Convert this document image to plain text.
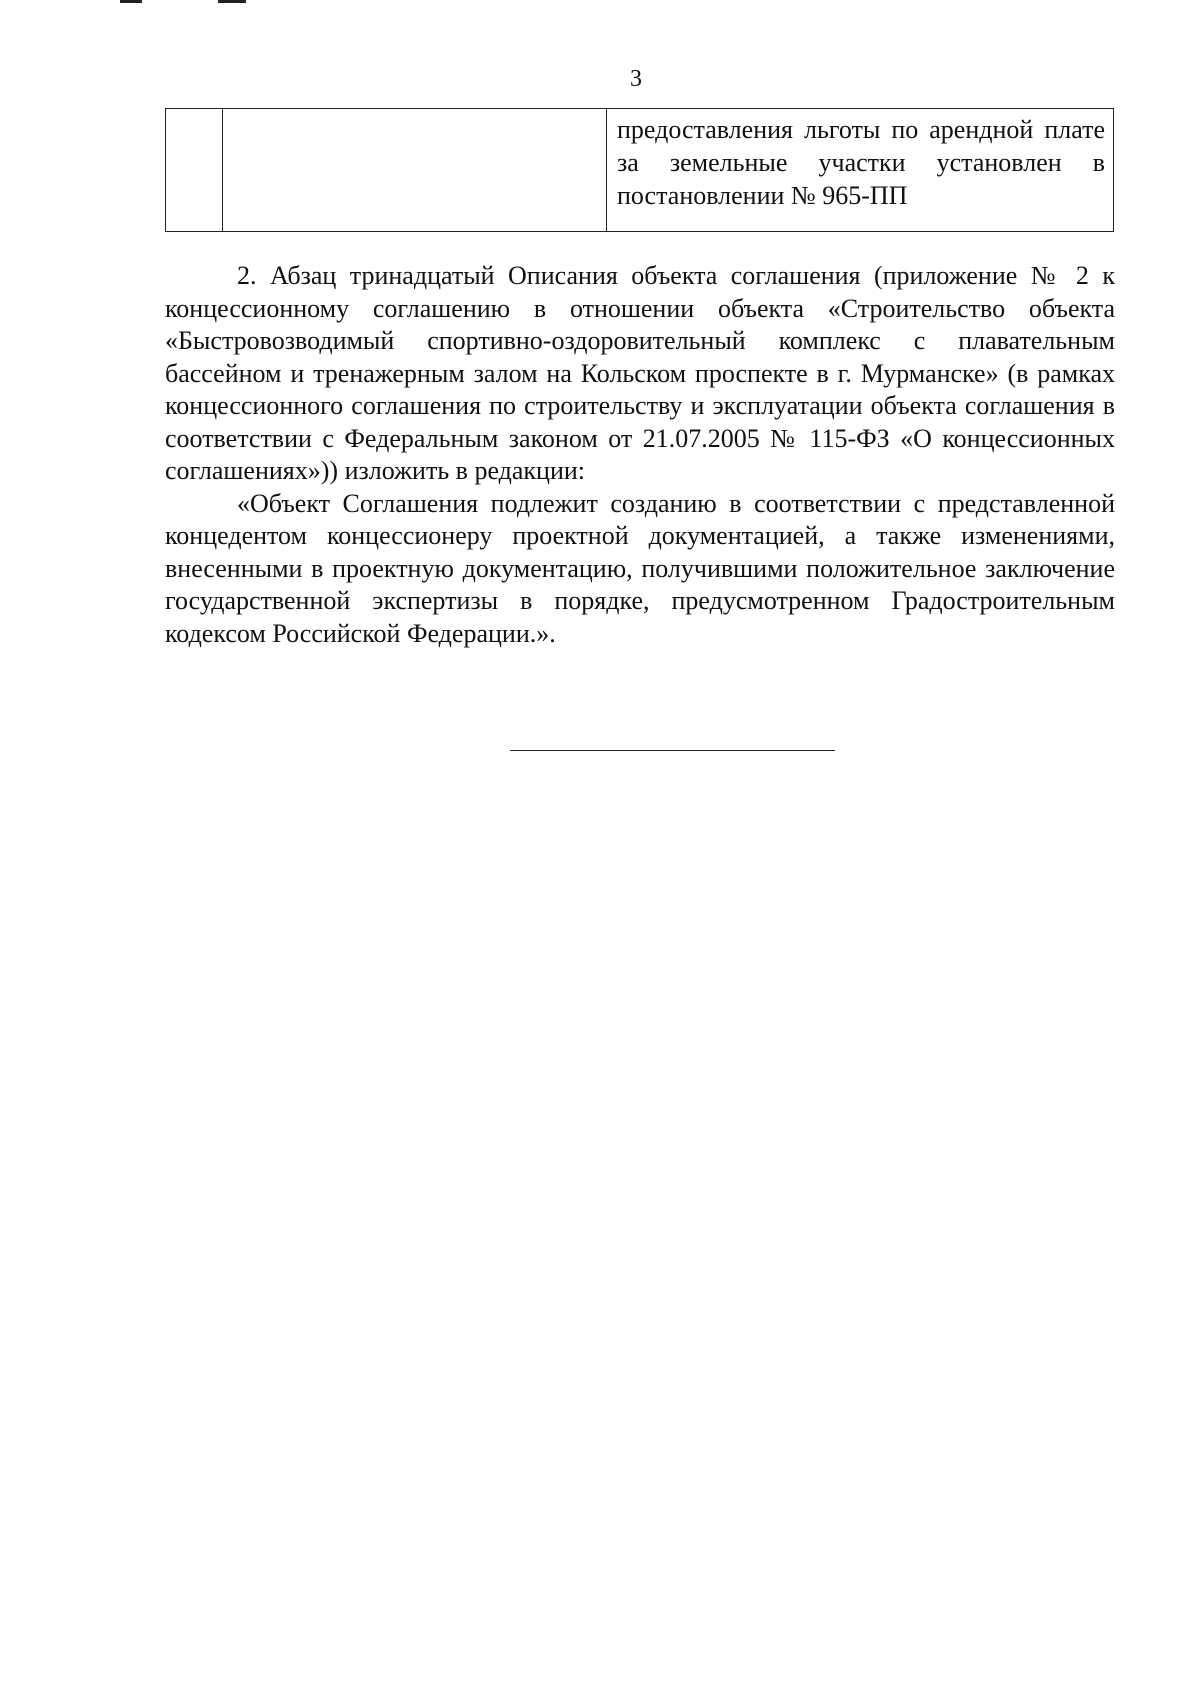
3
предоставления льготы по арендной плате за земельные участки установлен в постановлении № 965-ПП

2. Абзац тринадцатый Описания объекта соглашения (приложение № 2 к концессионному соглашению в отношении объекта «Строительство объекта «Быстровозводимый спортивно-оздоровительный комплекс с плавательным бассейном и тренажерным залом на Кольском проспекте в г. Мурманске» (в рамках концессионного соглашения по строительству и эксплуатации объекта соглашения в соответствии с Федеральным законом от 21.07.2005 № 115-ФЗ «О концессионных соглашениях»)) изложить в редакции:

«Объект Соглашения подлежит созданию в соответствии с представленной концедентом концессионеру проектной документацией, а также изменениями, внесенными в проектную документацию, получившими положительное заключение государственной экспертизы в порядке, предусмотренном Градостроительным кодексом Российской Федерации.».
